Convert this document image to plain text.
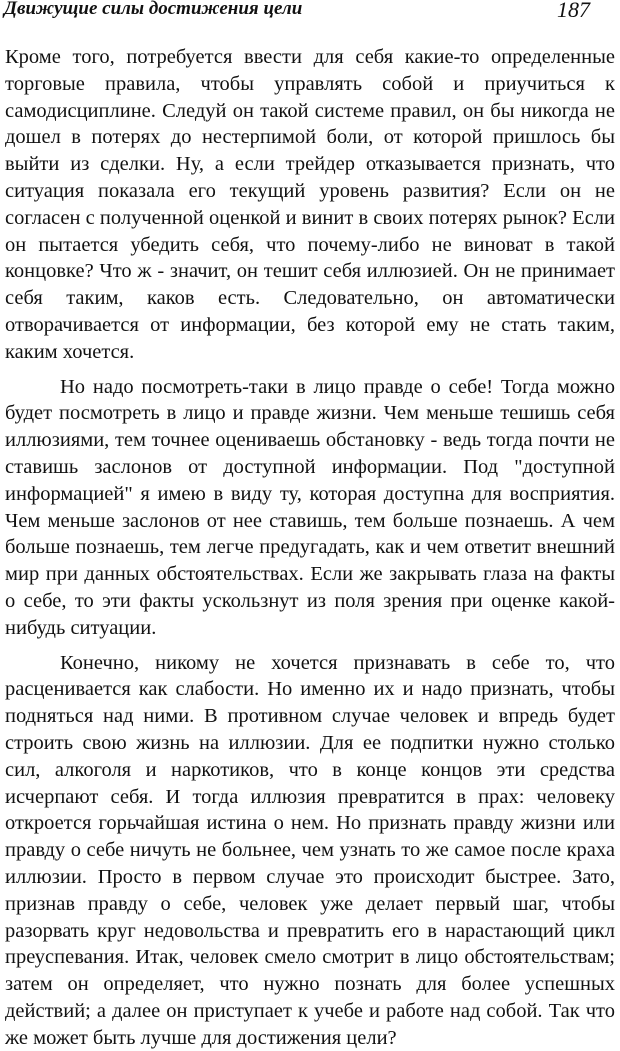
Движущие силы достижения цели	187

Кроме того, потребуется ввести для себя какие-то определенные торговые правила, чтобы управлять собой и приучиться к самодисциплине. Следуй он такой системе правил, он бы никогда не дошел в потерях до нестерпимой боли, от которой пришлось бы выйти из сделки. Ну, а если трейдер отказывается признать, что ситуация показала его текущий уровень развития? Если он не согласен с полученной оценкой и винит в своих потерях рынок? Если он пытается убедить себя, что почему-либо не виноват в такой концовке? Что ж - значит, он тешит себя иллюзией. Он не принимает себя таким, каков есть. Следовательно, он автоматически отворачивается от информации, без которой ему не стать таким, каким хочется.

Но надо посмотреть-таки в лицо правде о себе! Тогда можно будет посмотреть в лицо и правде жизни. Чем меньше тешишь себя иллюзиями, тем точнее оцениваешь обстановку - ведь тогда почти не ставишь заслонов от доступной информации. Под "доступной информацией" я имею в виду ту, которая доступна для восприятия. Чем меньше заслонов от нее ставишь, тем больше познаешь. А чем больше познаешь, тем легче предугадать, как и чем ответит внешний мир при данных обстоятельствах. Если же закрывать глаза на факты о себе, то эти факты ускользнут из поля зрения при оценке какой-нибудь ситуации.

Конечно, никому не хочется признавать в себе то, что расценивается как слабости. Но именно их и надо признать, чтобы подняться над ними. В противном случае человек и впредь будет строить свою жизнь на иллюзии. Для ее подпитки нужно столько сил, алкоголя и наркотиков, что в конце концов эти средства исчерпают себя. И тогда иллюзия превратится в прах: человеку откроется горьчайшая истина о нем. Но признать правду жизни или правду о себе ничуть не больнее, чем узнать то же самое после краха иллюзии. Просто в первом случае это происходит быстрее. Зато, признав правду о себе, человек уже делает первый шаг, чтобы разорвать круг недовольства и превратить его в нарастающий цикл преуспевания. Итак, человек смело смотрит в лицо обстоятельствам; затем он определяет, что нужно познать для более успешных действий; а далее он приступает к учебе и работе над собой. Так что же может быть лучше для достижения цели?
